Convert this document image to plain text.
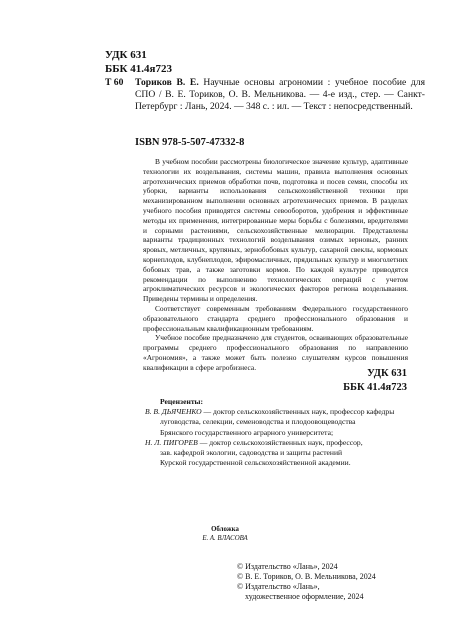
УДК 631
ББК 41.4я723
Т 60 Ториков В. Е. Научные основы агрономии : учебное пособие для СПО / В. Е. Ториков, О. В. Мельникова. — 4-е изд., стер. — Санкт-Петербург : Лань, 2024. — 348 с. : ил. — Текст : непосредственный.
ISBN 978-5-507-47332-8

В учебном пособии рассмотрены биологическое значение культур, адаптивные технологии их возделывания, системы машин, правила выполнения основных агротехнических приемов обработки почв, подготовка и посев семян, способы их уборки, варианты использования сельскохозяйственной техники при механизированном выполнении основных агротехнических приемов. В разделах учебного пособия приводятся системы севооборотов, удобрения и эффективные методы их применения, интегрированные меры борьбы с болезнями, вредителями и сорными растениями, сельскохозяйственные мелиорации. Представлены варианты традиционных технологий возделывания озимых зерновых, ранних яровых, метличных, крупяных, зернобобовых культур, сахарной свеклы, кормовых корнеплодов, клубнеплодов, эфиромасличных, прядильных культур и многолетних бобовых трав, а также заготовки кормов. По каждой культуре приводятся рекомендации по выполнению технологических операций с учетом агроклиматических ресурсов и экологических факторов региона возделывания. Приведены термины и определения.

Соответствует современным требованиям Федерального государственного образовательного стандарта среднего профессионального образования и профессиональным квалификационным требованиям.

Учебное пособие предназначено для студентов, осваивающих образовательные программы среднего профессионального образования по направлению «Агрономия», а также может быть полезно слушателям курсов повышения квалификации в сфере агробизнеса.

УДК 631
ББК 41.4я723
Рецензенты:
В. В. ДЬЯЧЕНКО — доктор сельскохозяйственных наук, профессор кафедры
луговодства, селекции, семеноводства и плодоовощеводства
Брянского государственного аграрного университета;
Н. Л. ПИГОРЕВ — доктор сельскохозяйственных наук, профессор,
зав. кафедрой экологии, садоводства и защиты растений
Курской государственной сельскохозяйственной академии.
Обложка
Е. А. ВЛАСОВА
© Издательство «Лань», 2024
© В. Е. Ториков, О. В. Мельникова, 2024
© Издательство «Лань»,
художественное оформление, 2024
